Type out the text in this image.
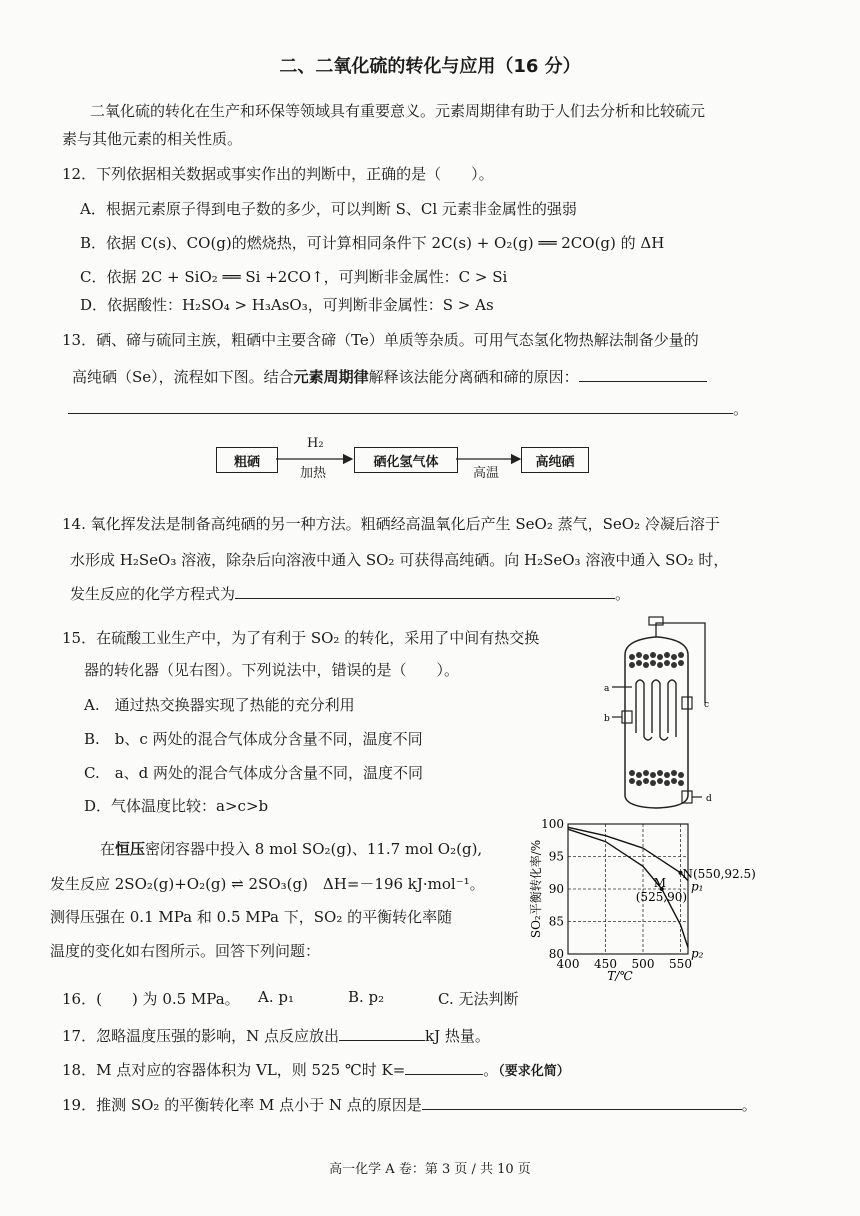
二、二氧化硫的转化与应用（16 分）
二氧化硫的转化在生产和环保等领域具有重要意义。元素周期律有助于人们去分析和比较硫元
素与其他元素的相关性质。
12．下列依据相关数据或事实作出的判断中，正确的是（　　）。
A．根据元素原子得到电子数的多少，可以判断 S、Cl 元素非金属性的强弱
B．依据 C(s)、CO(g)的燃烧热，可计算相同条件下 2C(s) + O₂(g) ══ 2CO(g) 的 ΔH
C．依据 2C + SiO₂ ══ Si +2CO↑，可判断非金属性：C > Si
D．依据酸性：H₂SO₄ > H₃AsO₃，可判断非金属性：S > As
13．硒、碲与硫同主族，粗硒中主要含碲（Te）单质等杂质。可用气态氢化物热解法制备少量的
高纯硒（Se），流程如下图。结合元素周期律解释该法能分离硒和碲的原因：
。
粗硒	硒化氢气体	高纯硒
H₂
加热	高温
14. 氧化挥发法是制备高纯硒的另一种方法。粗硒经高温氧化后产生 SeO₂ 蒸气，SeO₂ 冷凝后溶于
水形成 H₂SeO₃ 溶液，除杂后向溶液中通入 SO₂ 可获得高纯硒。向 H₂SeO₃ 溶液中通入 SO₂ 时，
发生反应的化学方程式为	。
15．在硫酸工业生产中，为了有利于 SO₂ 的转化，采用了中间有热交换
器的转化器（见右图）。下列说法中，错误的是（　　）。
A.　通过热交换器实现了热能的充分利用
B.　b、c 两处的混合气体成分含量不同，温度不同
C.　a、d 两处的混合气体成分含量不同，温度不同
D．气体温度比较：a>c>b
a
b
c
d
在恒压密闭容器中投入 8 mol SO₂(g)、11.7 mol O₂(g),
发生反应 2SO₂(g)+O₂(g) ⇌ 2SO₃(g)　ΔH=－196 kJ·mol⁻¹。
测得压强在 0.1 MPa 和 0.5 MPa 下，SO₂ 的平衡转化率随
温度的变化如右图所示。回答下列问题：	80
85
90
95
100
400 450 500 550
T/℃
SO₂平衡转化率/%	p₁
p₂
N(550,92.5)
M
(525,90)
16．(　　) 为 0.5 MPa。 A. p₁	B. p₂	C. 无法判断
17．忽略温度压强的影响，N 点反应放出	kJ 热量。
18．M 点对应的容器体积为 VL，则 525 ℃时 K=	。（要求化简）
19．推测 SO₂ 的平衡转化率 M 点小于 N 点的原因是	。
高一化学 A 卷：第 3 页 / 共 10 页
